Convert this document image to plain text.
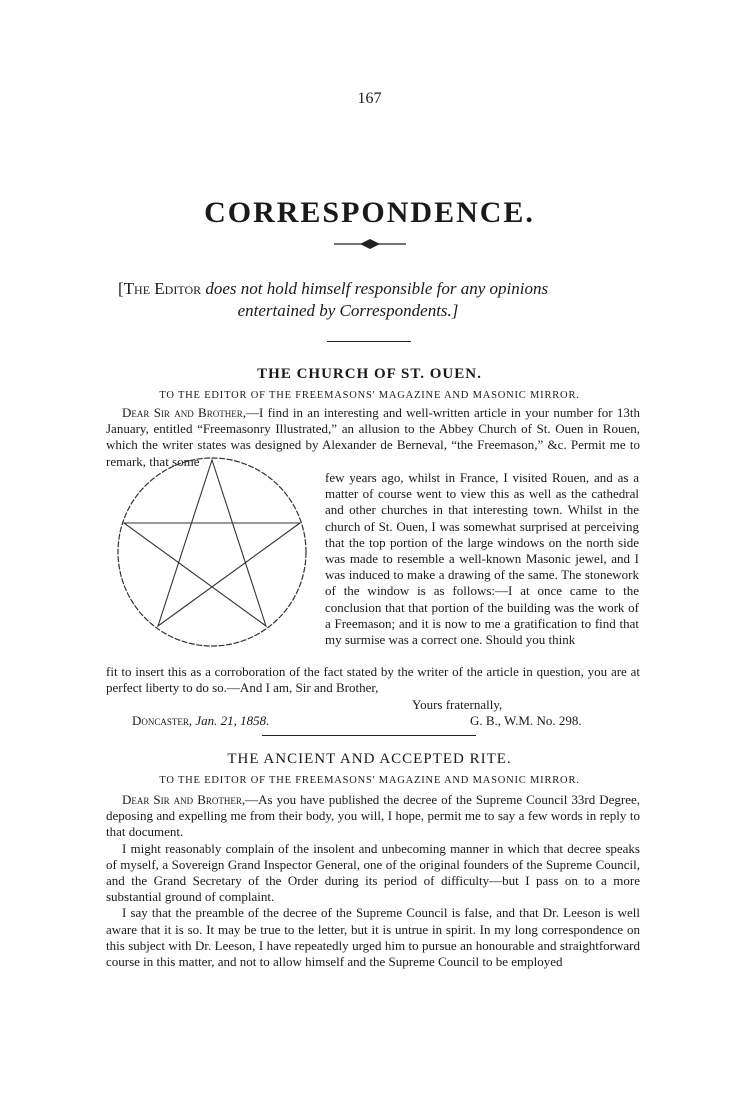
167
CORRESPONDENCE.
[The Editor does not hold himself responsible for any opinions
entertained by Correspondents.]
THE CHURCH OF ST. OUEN.
TO THE EDITOR OF THE FREEMASONS' MAGAZINE AND MASONIC MIRROR.

Dear Sir and Brother,—I find in an interesting and well-written article in your number for 13th January, entitled “Freemasonry Illustrated,” an allusion to the Abbey Church of St. Ouen in Rouen, which the writer states was designed by Alexander de Berneval, “the Freemason,” &c. Permit me to remark, that some

few years ago, whilst in France, I visited Rouen, and as a matter of course went to view this as well as the cathedral and other churches in that interesting town. Whilst in the church of St. Ouen, I was somewhat surprised at perceiving that the top portion of the large windows on the north side was made to resemble a well-known Masonic jewel, and I was induced to make a drawing of the same. The stonework of the window is as follows:—I at once came to the conclusion that that portion of the building was the work of a Freemason; and it is now to me a gratification to find that my surmise was a correct one. Should you think

fit to insert this as a corroboration of the fact stated by the writer of the article in question, you are at perfect liberty to do so.—And I am, Sir and Brother,

Yours fraternally,
Doncaster, Jan. 21, 1858.	G. B., W.M. No. 298.
THE ANCIENT AND ACCEPTED RITE.
TO THE EDITOR OF THE FREEMASONS' MAGAZINE AND MASONIC MIRROR.

Dear Sir and Brother,—As you have published the decree of the Supreme Council 33rd Degree, deposing and expelling me from their body, you will, I hope, permit me to say a few words in reply to that document.

I might reasonably complain of the insolent and unbecoming manner in which that decree speaks of myself, a Sovereign Grand Inspector General, one of the original founders of the Supreme Council, and the Grand Secretary of the Order during its period of difficulty—but I pass on to a more substantial ground of complaint.

I say that the preamble of the decree of the Supreme Council is false, and that Dr. Leeson is well aware that it is so. It may be true to the letter, but it is untrue in spirit. In my long correspondence on this subject with Dr. Leeson, I have repeatedly urged him to pursue an honourable and straightforward course in this matter, and not to allow himself and the Supreme Council to be employed
